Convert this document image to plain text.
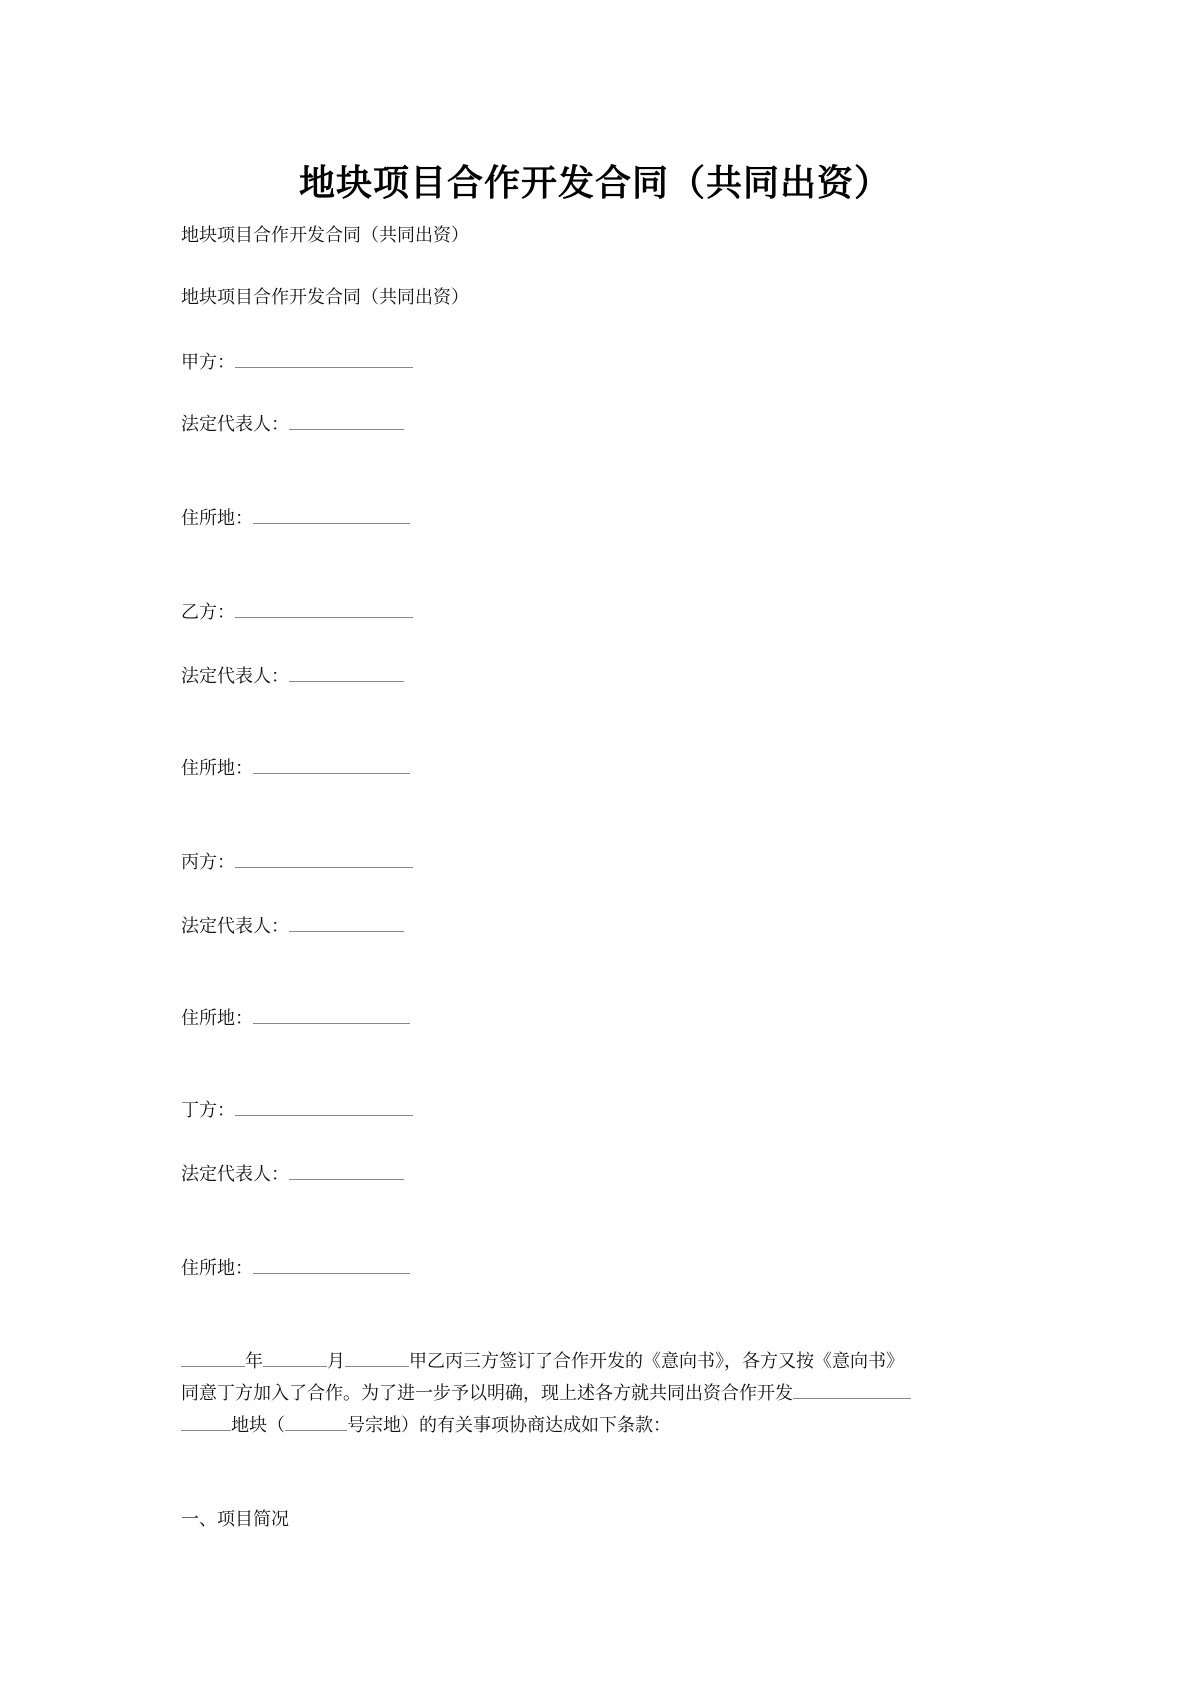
地块项目合作开发合同（共同出资）
地块项目合作开发合同（共同出资）
地块项目合作开发合同（共同出资）
甲方：
法定代表人：
住所地：
乙方：
法定代表人：
住所地：
丙方：
法定代表人：
住所地：
丁方：
法定代表人：
住所地：
年	月	甲乙丙三方签订了合作开发的《意向书》，各方又按《意向书》
同意丁方加入了合作。为了进一步予以明确，现上述各方就共同出资合作开发
地块（	号宗地）的有关事项协商达成如下条款：
一、项目简况
